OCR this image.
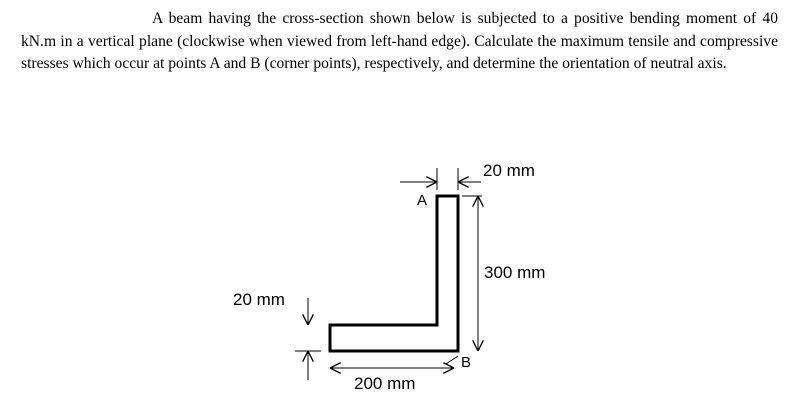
A beam having the cross-section shown below is subjected to a positive bending moment of 40 kN.m in a vertical plane (clockwise when viewed from left-hand edge). Calculate the maximum tensile and compressive stresses which occur at points A and B (corner points), respectively, and determine the orientation of neutral axis.

20 mm
A
300 mm
B
20 mm
200 mm
